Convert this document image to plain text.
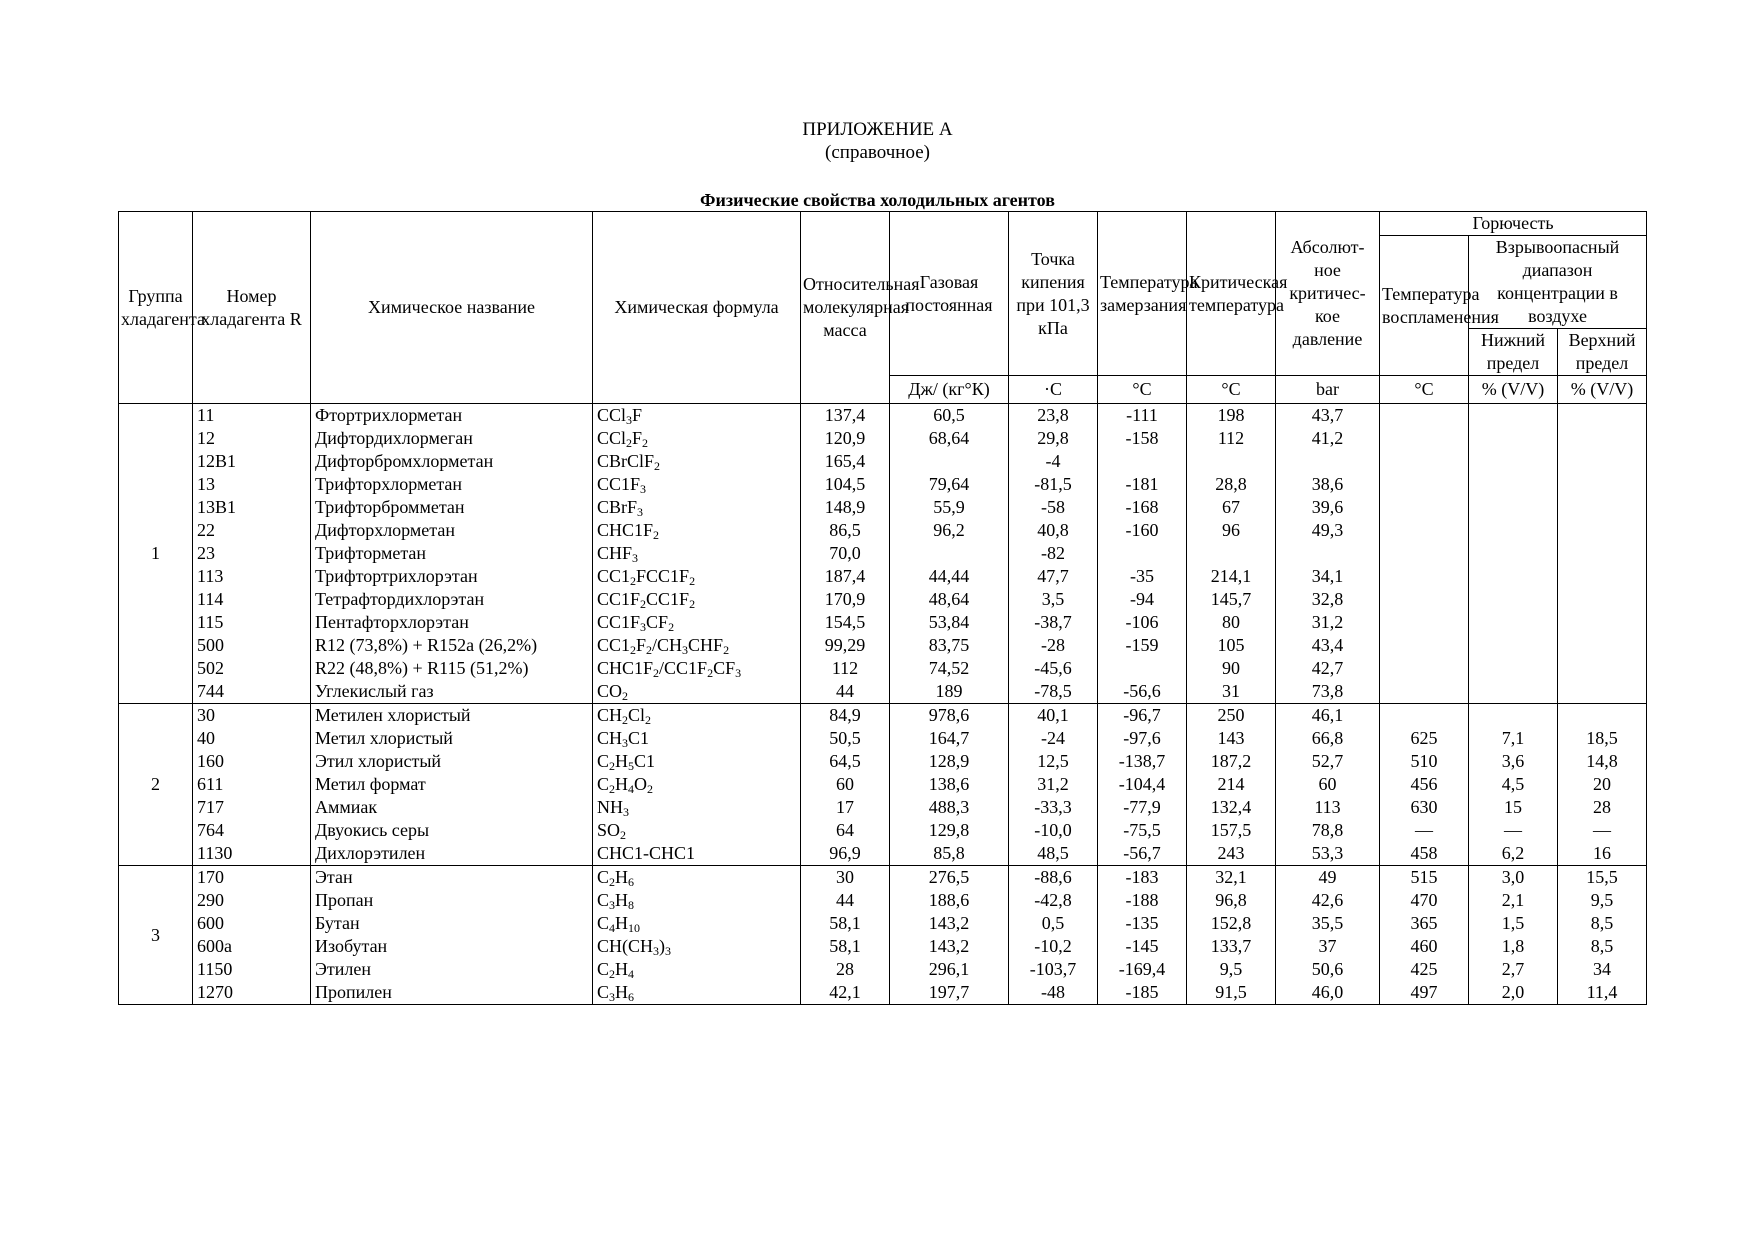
ПРИЛОЖЕНИЕ А
(справочное)
Физические свойства холодильных агентов
Группа хладагента	Номер хладагента R	Химическое название	Химическая формула	Относительная молекулярная масса	Газовая постоянная	Точка кипения при 101,3 кПа	Температура замерзания	Критическая температура	Абсолют-ное критичес-кое давление	Горючесть		
										Температура воспламенения	Взрывоопасный диапазон концентрации в воздухе	
											Нижний предел	Верхний предел

					Дж/ (кг°К)	·С	°С	°С	bar	°С	% (V/V)	% (V/V)
1	11	Фтортрихлорметан	CCl$_3$F	137,4	60,5	23,8	-111	198	43,7			
	12	Дифтордихлормеган	$CCl_2F_2$	120,9	68,64	29,8	-158	112	41,2			
	12В1	Дифторбромхлорметан	CBrClF$_2$	165,4		-4						
	13	Трифторхлорметан	$СС1F_3$	104,5	79,64	-81,5	-181	28,8	38,6			
	13В1	Трифторбромметан	CBrF$_3$	148,9	55,9	-58	-168	67	39,6			
	22	Дифторхлорметан	$СНС1F_2$	86,5	96,2	40,8	-160	96	49,3			
	23	Трифторметан	$CHF_3$	70,0		-82						
	113	Трифтортрихлорэтан	$СС1_2FCC1F_2$	187,4	44,44	47,7	-35	214,1	34,1			
	114	Тетрафтордихлорэтан	$СС1F_2СС1F_2$	170,9	48,64	3,5	-94	145,7	32,8			
	115	Пентафторхлорэтан	$СС1F_3CF_2$	154,5	53,84	-38,7	-106	80	31,2			
	500	R12 (73,8%) + R152a (26,2%)	$СС1_2F_2/CH_3CHF_2$	99,29	83,75	-28	-159	105	43,4			
	502	R22 (48,8%) + R115 (51,2%)	$СНС1F_2/СС1F_2CF_3$	112	74,52	-45,6		90	42,7			
	744	Углекислый газ	$CO_2$	44	189	-78,5	-56,6	31	73,8			
2	30	Метилен хлористый	$CH_2Cl_2$	84,9	978,6	40,1	-96,7	250	46,1			
	40	Метил хлористый	$СН_3С1$	50,5	164,7	-24	-97,6	143	66,8	625	7,1	18,5
	160	Этил хлористый	$С_2Н_5С1$	64,5	128,9	12,5	-138,7	187,2	52,7	510	3,6	14,8
	611	Метил формат	$C_2H_4O_2$	60	138,6	31,2	-104,4	214	60	456	4,5	20
	717	Аммиак	$NH_3$	17	488,3	-33,3	-77,9	132,4	113	630	15	28
	764	Двуокись серы	$SO_2$	64	129,8	-10,0	-75,5	157,5	78,8	—	—	—
	1130	Дихлорэтилен	СНС1-СНС1	96,9	85,8	48,5	-56,7	243	53,3	458	6,2	16
3	170	Этан	$C_2H_6$	30	276,5	-88,6	-183	32,1	49	515	3,0	15,5
	290	Пропан	$C_3H_8$	44	188,6	-42,8	-188	96,8	42,6	470	2,1	9,5
	600	Бутан	$C_4H_{10}$	58,1	143,2	0,5	-135	152,8	35,5	365	1,5	8,5
	600а	Изобутан	$CH(CH_3)_3$	58,1	143,2	-10,2	-145	133,7	37	460	1,8	8,5
	1150	Этилен	$C_2H_4$	28	296,1	-103,7	-169,4	9,5	50,6	425	2,7	34
	1270	Пропилен	$C_3H_6$	42,1	197,7	-48	-185	91,5	46,0	497	2,0	11,4
